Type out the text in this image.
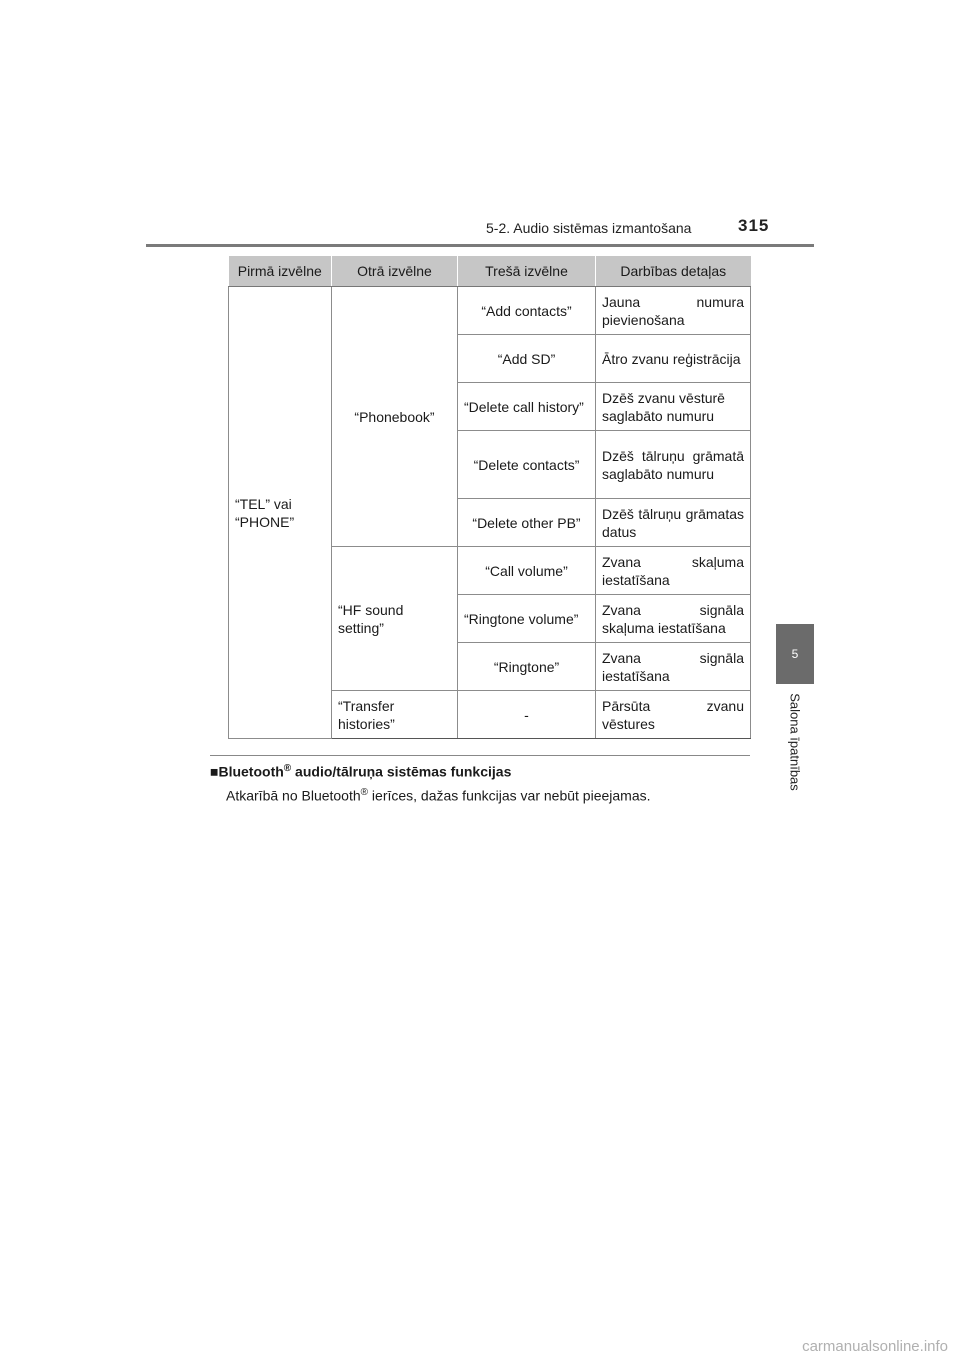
5-2. Audio sistēmas izmantošana	315
5
Salona īpatnības
Pirmā izvēlne	Otrā izvēlne	Trešā izvēlne	Darbības detaļas
“TEL” vai “PHONE”	“Phonebook”	“Add contacts”	Jauna numura pievienošana
		“Add SD”	Ātro zvanu reģistrācija
		“Delete call history”	Dzēš zvanu vēsturē saglabāto numuru
		“Delete contacts”	Dzēš tālruņu grāmatā saglabāto numuru
		“Delete other PB”	Dzēš tālruņu grāmatas datus
	“HF sound setting”	“Call volume”	Zvana skaļuma iestatīšana
		“Ringtone volume”	Zvana signāla skaļuma iestatīšana
		“Ringtone”	Zvana signāla iestatīšana
	“Transfer histories”	-	Pārsūta zvanu vēstures
■Bluetooth® audio/tālruņa sistēmas funkcijas
Atkarībā no Bluetooth® ierīces, dažas funkcijas var nebūt pieejamas.
carmanualsonline.info
